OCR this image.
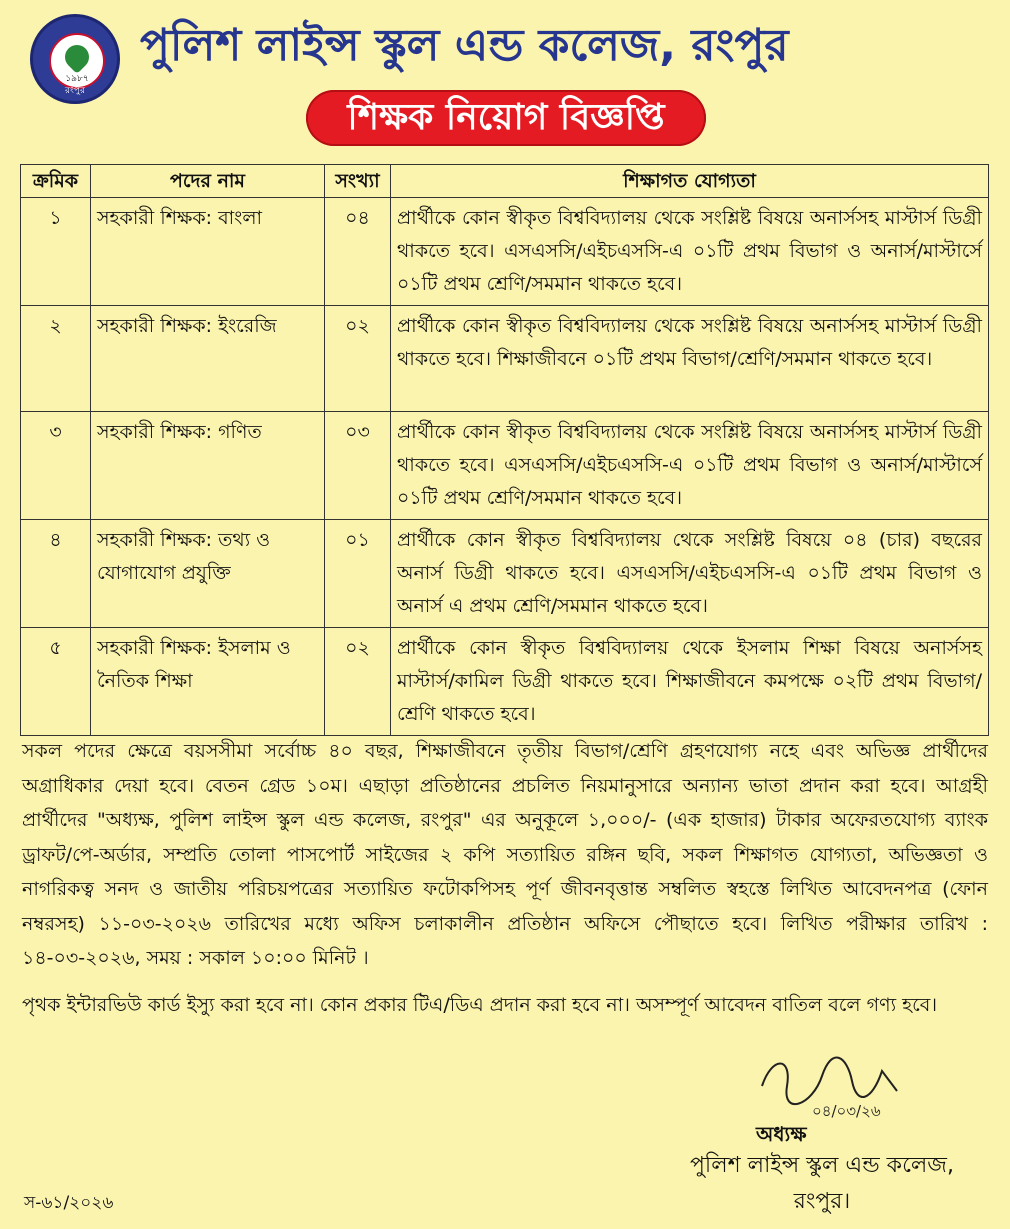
১৯৮৭
রংপুর
পুলিশ লাইন্স স্কুল এন্ড কলেজ, রংপুর
শিক্ষক নিয়োগ বিজ্ঞপ্তি
ক্রমিক	পদের নাম	সংখ্যা	শিক্ষাগত যোগ্যতা
১	সহকারী শিক্ষক: বাংলা	০৪	প্রার্থীকে কোন স্বীকৃত বিশ্ববিদ্যালয় থেকে সংশ্লিষ্ট বিষয়ে অনার্সসহ মাস্টার্স ডিগ্রী থাকতে হবে। এসএসসি/এইচএসসি-এ ০১টি প্রথম বিভাগ ও অনার্স/মাস্টার্সে ০১টি প্রথম শ্রেণি/সমমান থাকতে হবে।
২	সহকারী শিক্ষক: ইংরেজি	০২	প্রার্থীকে কোন স্বীকৃত বিশ্ববিদ্যালয় থেকে সংশ্লিষ্ট বিষয়ে অনার্সসহ মাস্টার্স ডিগ্রী থাকতে হবে। শিক্ষাজীবনে ০১টি প্রথম বিভাগ/শ্রেণি/সমমান থাকতে হবে।
৩	সহকারী শিক্ষক: গণিত	০৩	প্রার্থীকে কোন স্বীকৃত বিশ্ববিদ্যালয় থেকে সংশ্লিষ্ট বিষয়ে অনার্সসহ মাস্টার্স ডিগ্রী থাকতে হবে। এসএসসি/এইচএসসি-এ ০১টি প্রথম বিভাগ ও অনার্স/মাস্টার্সে ০১টি প্রথম শ্রেণি/সমমান থাকতে হবে।
৪	সহকারী শিক্ষক: তথ্য ও যোগাযোগ প্রযুক্তি	০১	প্রার্থীকে কোন স্বীকৃত বিশ্ববিদ্যালয় থেকে সংশ্লিষ্ট বিষয়ে ০৪ (চার) বছরের অনার্স ডিগ্রী থাকতে হবে। এসএসসি/এইচএসসি-এ ০১টি প্রথম বিভাগ ও অনার্স এ প্রথম শ্রেণি/সমমান থাকতে হবে।
৫	সহকারী শিক্ষক: ইসলাম ও নৈতিক শিক্ষা	০২	প্রার্থীকে কোন স্বীকৃত বিশ্ববিদ্যালয় থেকে ইসলাম শিক্ষা বিষয়ে অনার্সসহ মাস্টার্স/কামিল ডিগ্রী থাকতে হবে। শিক্ষাজীবনে কমপক্ষে ০২টি প্রথম বিভাগ/শ্রেণি থাকতে হবে।
সকল পদের ক্ষেত্রে বয়সসীমা সর্বোচ্চ ৪০ বছর, শিক্ষাজীবনে তৃতীয় বিভাগ/শ্রেণি গ্রহণযোগ্য নহে এবং অভিজ্ঞ প্রার্থীদের অগ্রাধিকার দেয়া হবে। বেতন গ্রেড ১০ম। এছাড়া প্রতিষ্ঠানের প্রচলিত নিয়মানুসারে অন্যান্য ভাতা প্রদান করা হবে। আগ্রহী প্রার্থীদের "অধ্যক্ষ, পুলিশ লাইন্স স্কুল এন্ড কলেজ, রংপুর" এর অনুকূলে ১,০০০/- (এক হাজার) টাকার অফেরতযোগ্য ব্যাংক ড্রাফট/পে-অর্ডার, সম্প্রতি তোলা পাসপোর্ট সাইজের ২ কপি সত্যায়িত রঙ্গিন ছবি, সকল শিক্ষাগত যোগ্যতা, অভিজ্ঞতা ও নাগরিকত্ব সনদ ও জাতীয় পরিচয়পত্রের সত্যায়িত ফটোকপিসহ পূর্ণ জীবনবৃত্তান্ত সম্বলিত স্বহস্তে লিখিত আবেদনপত্র (ফোন নম্বরসহ) ১১-০৩-২০২৬ তারিখের মধ্যে অফিস চলাকালীন প্রতিষ্ঠান অফিসে পৌছাতে হবে। লিখিত পরীক্ষার তারিখ : ১৪-০৩-২০২৬, সময় : সকাল ১০:০০ মিনিট ।
পৃথক ইন্টারভিউ কার্ড ইস্যু করা হবে না। কোন প্রকার টিএ/ডিএ প্রদান করা হবে না। অসম্পূর্ণ আবেদন বাতিল বলে গণ্য হবে।
০৪/০৩/২৬
অধ্যক্ষ
পুলিশ লাইন্স স্কুল এন্ড কলেজ,
রংপুর।
স-৬১/২০২৬
